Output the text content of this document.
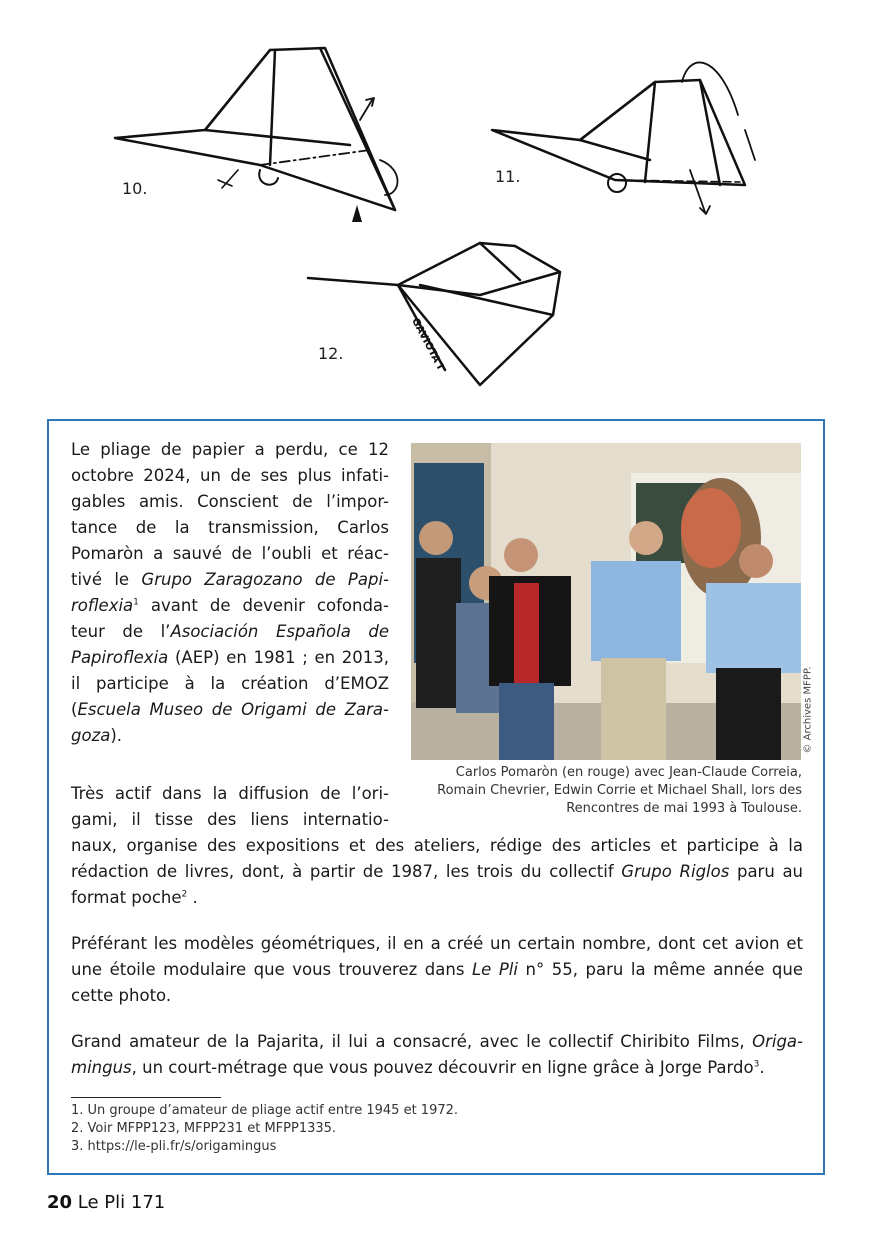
GAVIOTA I
10.
11.
12.
© Archives MFPP.
Carlos Pomaròn (en rouge) avec Jean-Claude Correia,
Romain Chevrier, Edwin Corrie et Michael Shall, lors des
Rencontres de mai 1993 à Toulouse.
Le pliage de papier a perdu, ce 12
octobre 2024, un de ses plus infati-
gables amis. Conscient de l’impor-
tance de la transmission, Carlos
Pomaròn a sauvé de l’oubli et réac-
tivé le Grupo Zaragozano de Papi-
roflexia$^1$ avant de devenir cofonda-
teur de l’Asociación Española de
Papiroflexia (AEP) en 1981 ; en 2013,
il participe à la création d’EMOZ
(Escuela Museo de Origami de Zara-
goza).
Très actif dans la diffusion de l’ori-
gami, il tisse des liens internatio-
naux, organise des expositions et des ateliers, rédige des articles et participe à la
rédaction de livres, dont, à partir de 1987, les trois du collectif Grupo Riglos paru au
format poche$^2$ .
Préférant les modèles géométriques, il en a créé un certain nombre, dont cet avion et
une étoile modulaire que vous trouverez dans Le Pli n° 55, paru la même année que
cette photo.
Grand amateur de la Pajarita, il lui a consacré, avec le collectif Chiribito Films, Origa-
mingus, un court-métrage que vous pouvez découvrir en ligne grâce à Jorge Pardo$^3$.
1. Un groupe d’amateur de pliage actif entre 1945 et 1972.
2. Voir MFPP123, MFPP231 et MFPP1335.
3. https://le-pli.fr/s/origamingus
20 Le Pli 171
